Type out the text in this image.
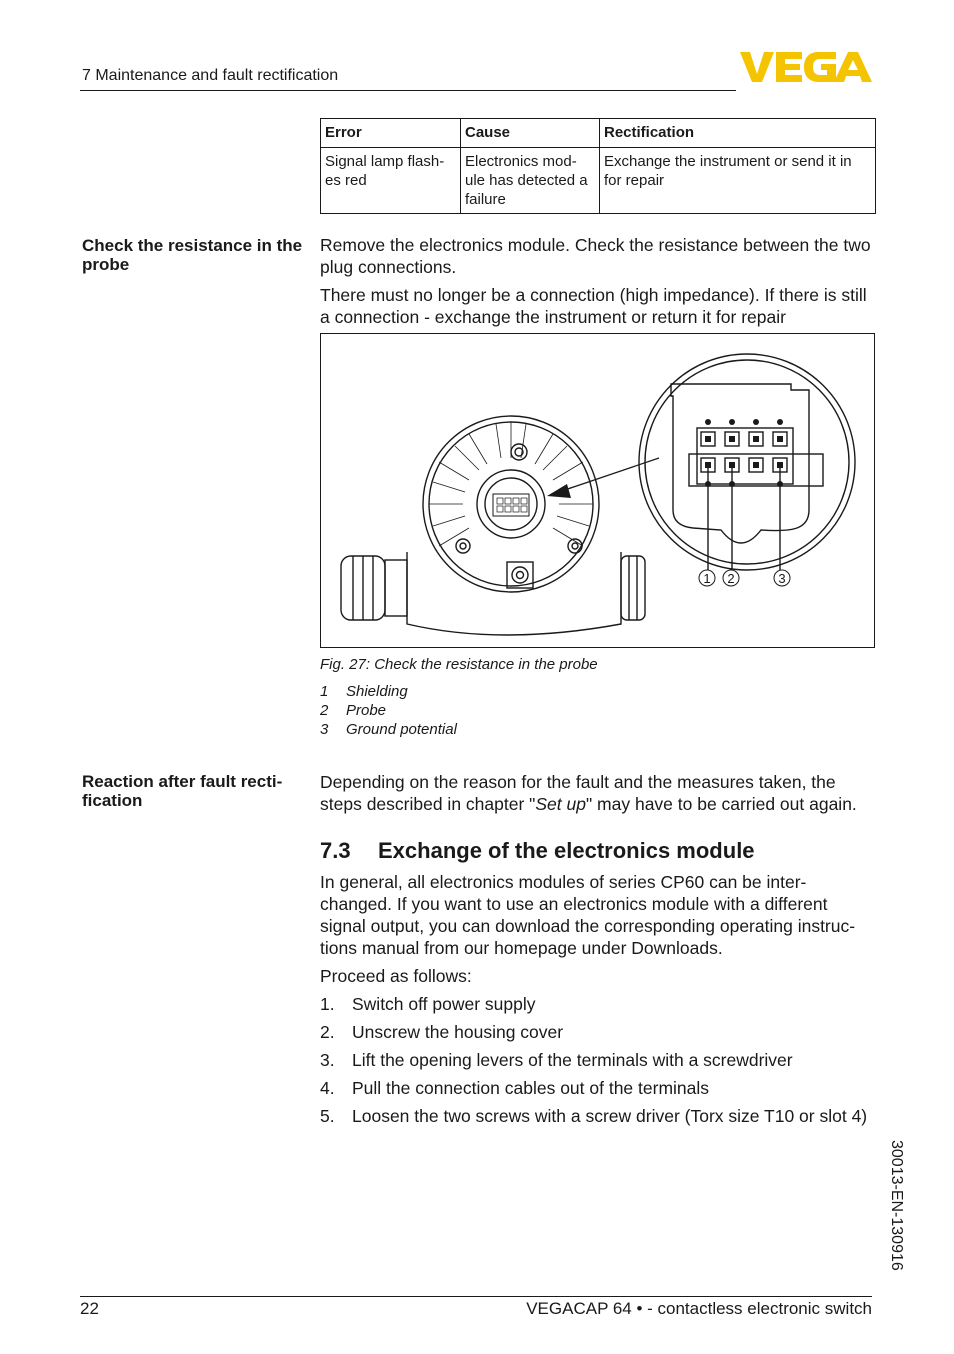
7 Maintenance and fault rectification
Error	Cause	Rectification
Signal lamp flash-es red	Electronics mod-ule has detected a failure	Exchange the instrument or send it in for repair
Check the resistance in the probe

Remove the electronics module. Check the resistance between the two plug connections.

There must no longer be a connection (high impedance). If there is still a connection - exchange the instrument or return it for repair

1 2	3
Fig. 27: Check the resistance in the probe
1 Shielding
2 Probe
3 Ground potential
Reaction after fault recti-fication

Depending on the reason for the fault and the measures taken, the steps described in chapter "Set up" may have to be carried out again.

7.3 Exchange of the electronics module

In general, all electronics modules of series CP60 can be inter-changed. If you want to use an electronics module with a different signal output, you can download the corresponding operating instruc-tions manual from our homepage under Downloads.

Proceed as follows:

1. Switch off power supply
2. Unscrew the housing cover
3. Lift the opening levers of the terminals with a screwdriver
4. Pull the connection cables out of the terminals
5. Loosen the two screws with a screw driver (Torx size T10 or slot 4)
30013-EN-130916
22	VEGACAP 64 • - contactless electronic switch
